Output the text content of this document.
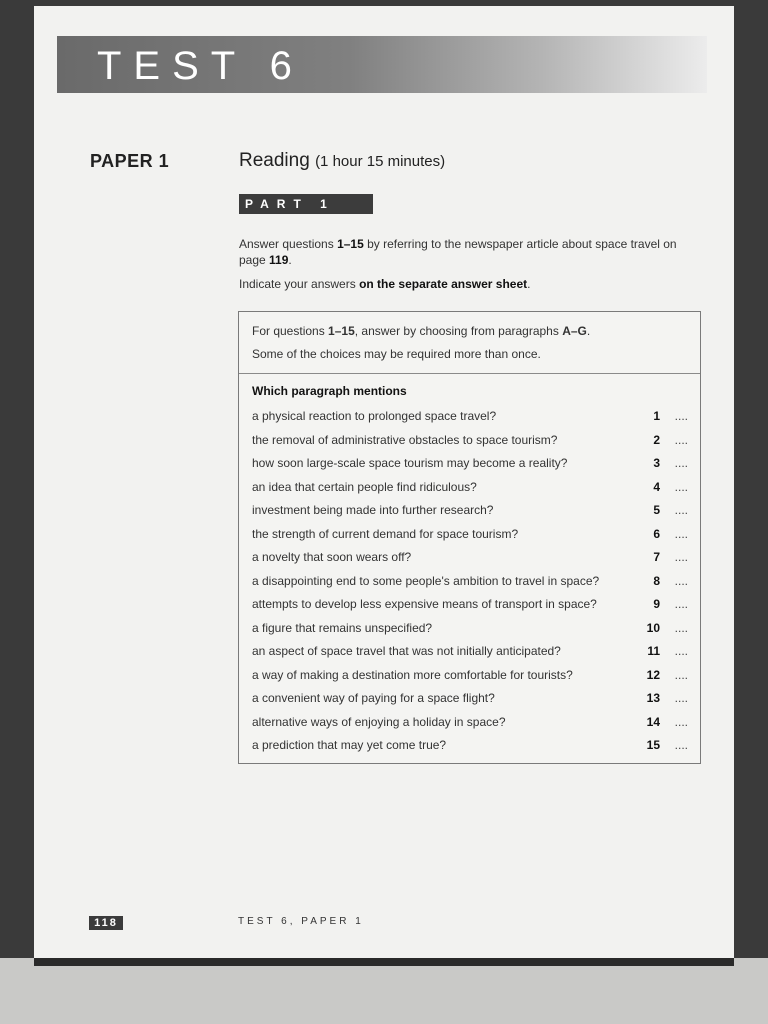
TEST 6
PAPER 1	Reading (1 hour 15 minutes)
PART 1
Answer questions 1–15 by referring to the newspaper article about space travel on
page 119.
Indicate your answers on the separate answer sheet.
For questions 1–15, answer by choosing from paragraphs A–G.
Some of the choices may be required more than once.
Which paragraph mentions
a physical reaction to prolonged space travel?	1	....
the removal of administrative obstacles to space tourism?	2	....
how soon large-scale space tourism may become a reality?	3	....
an idea that certain people find ridiculous?	4	....
investment being made into further research?	5	....
the strength of current demand for space tourism?	6	....
a novelty that soon wears off?	7	....
a disappointing end to some people's ambition to travel in space?	8	....
attempts to develop less expensive means of transport in space?	9	....
a figure that remains unspecified?	10	....
an aspect of space travel that was not initially anticipated?	11	....
a way of making a destination more comfortable for tourists?	12	....
a convenient way of paying for a space flight?	13	....
alternative ways of enjoying a holiday in space?	14	....
a prediction that may yet come true?	15	....
118	TEST 6, PAPER 1
